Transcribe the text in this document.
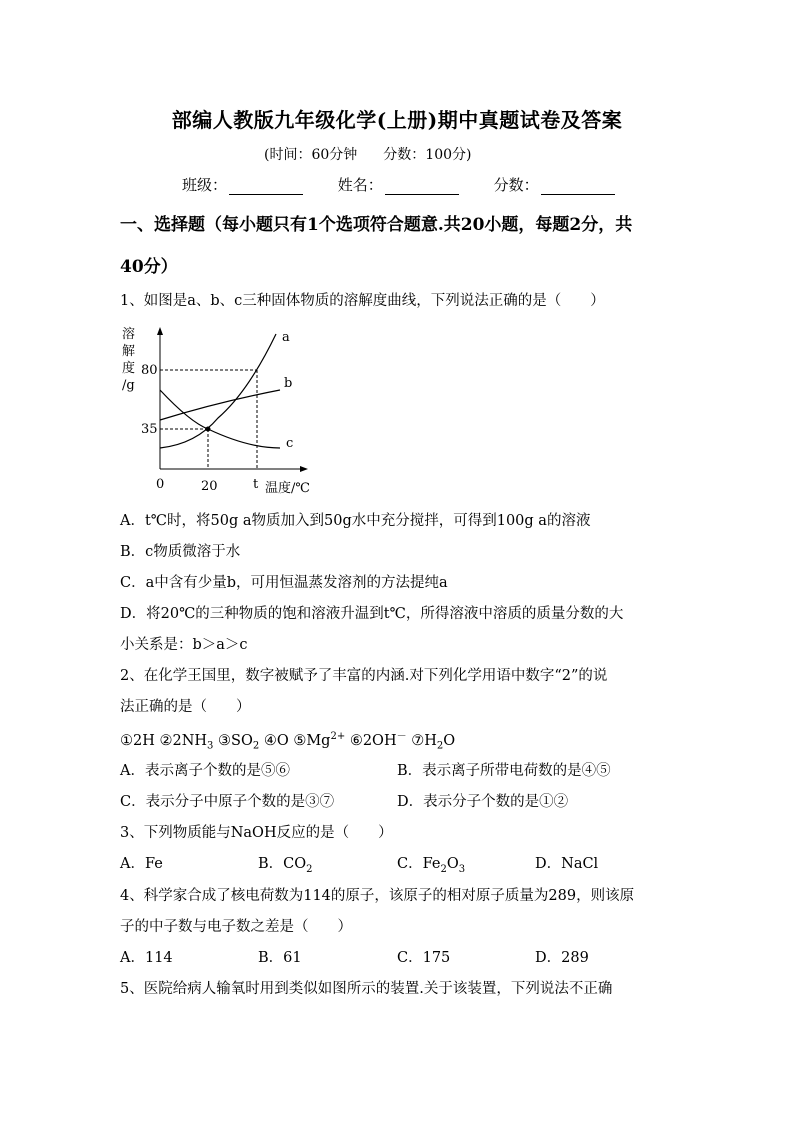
部编人教版九年级化学(上册)期中真题试卷及答案
(时间：60分钟 分数：100分)
班级：	姓名：	分数：
一、选择题（每小题只有1个选项符合题意.共20小题，每题2分，共
40分）
1、如图是a、b、c三种固体物质的溶解度曲线，下列说法正确的是（　　）
溶
解
度
/g
a
b
c
80
35
0	20	t 温度/℃
A．t℃时，将50g a物质加入到50g水中充分搅拌，可得到100g a的溶液
B．c物质微溶于水
C．a中含有少量b，可用恒温蒸发溶剂的方法提纯a
D．将20℃的三种物质的饱和溶液升温到t℃，所得溶液中溶质的质量分数的大
小关系是：b＞a＞c
2、在化学王国里，数字被赋予了丰富的内涵.对下列化学用语中数字“2”的说
法正确的是（　　）
①2H $②2NH_3$ $③SO_2$ ④O $⑤Mg^{2+}$ ⑥2OH－ $⑦H_2O$
A．表示离子个数的是⑤⑥	B．表示离子所带电荷数的是④⑤
C．表示分子中原子个数的是③⑦	D．表示分子个数的是①②
3、下列物质能与NaOH反应的是（　　）
A．Fe	B．$CO_2$	C．$Fe_2O_3$	D．NaCl
4、科学家合成了核电荷数为114的原子，该原子的相对原子质量为289，则该原
子的中子数与电子数之差是（　　）
A．114	B．61	C．175	D．289
5、医院给病人输氧时用到类似如图所示的装置.关于该装置，下列说法不正确
